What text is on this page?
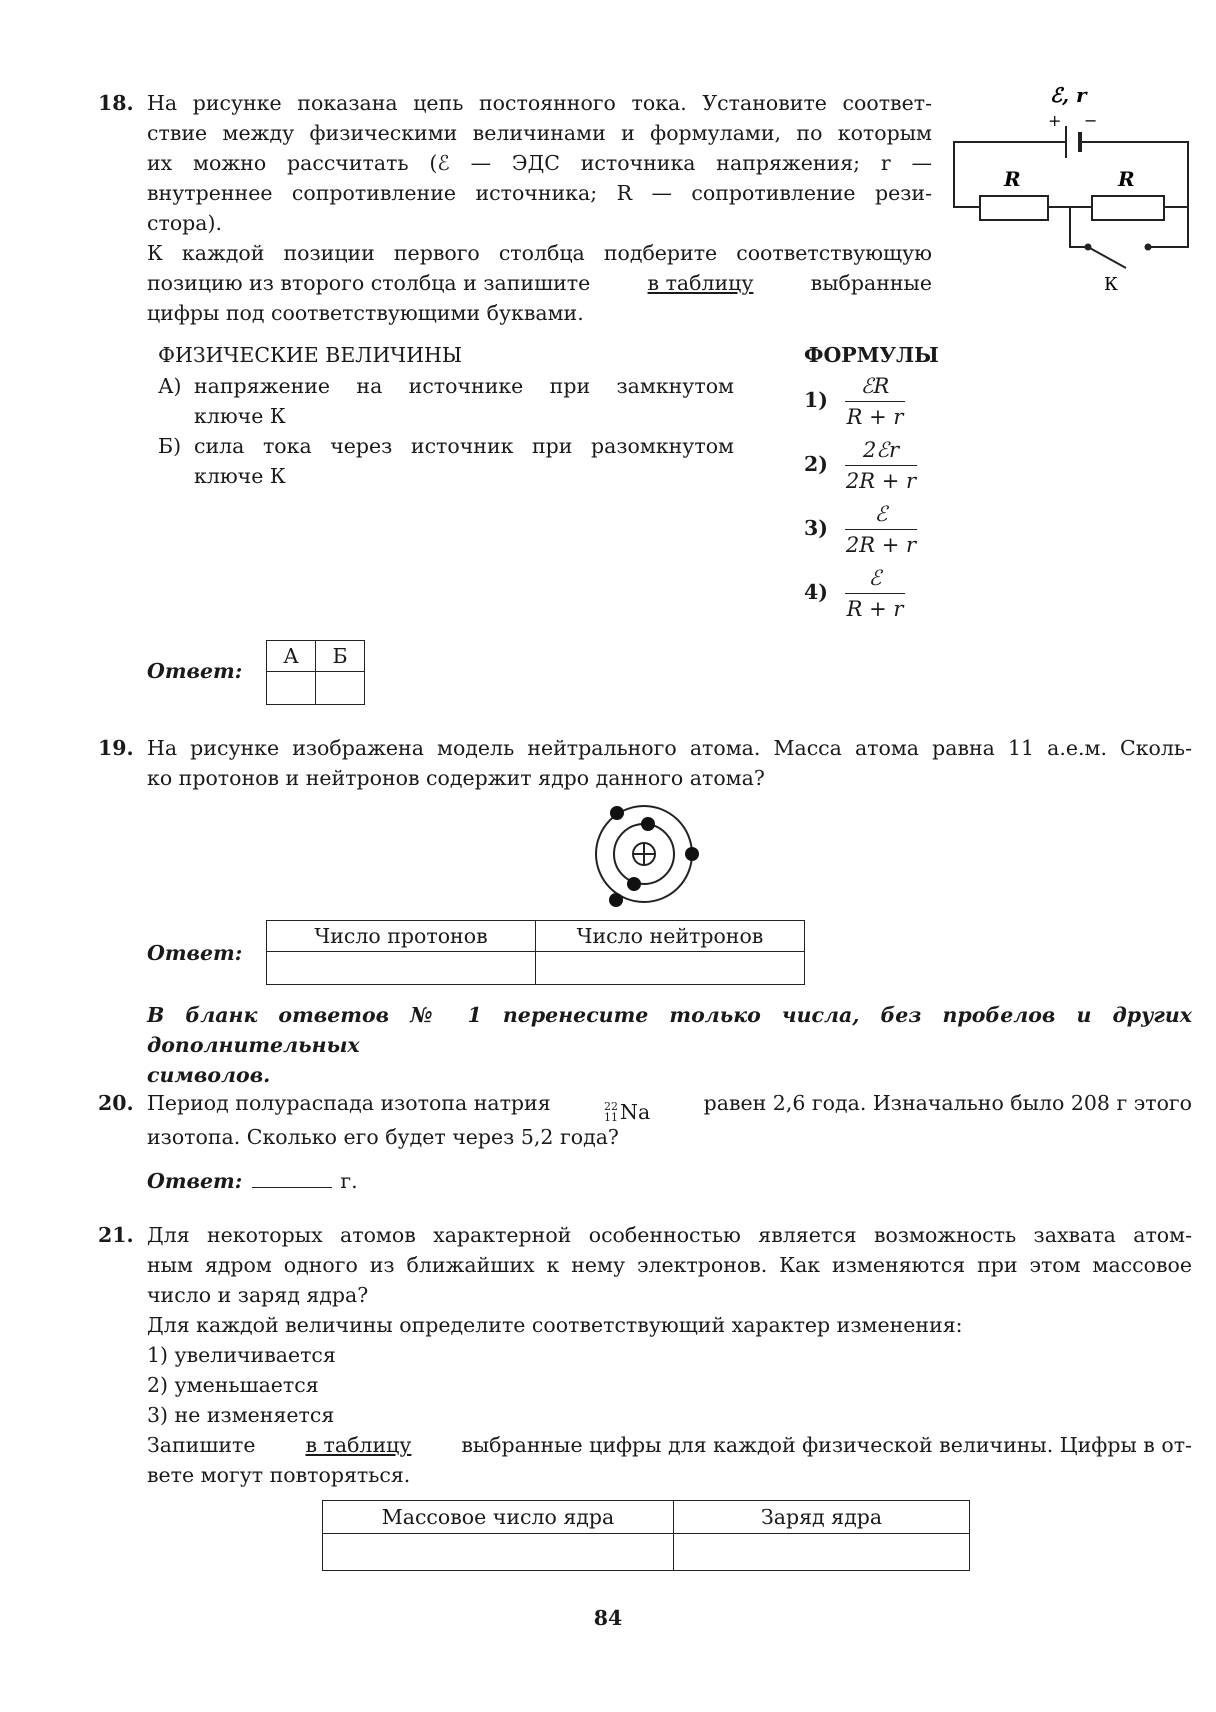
18. На рисунке показана цепь постоянного тока. Установите соответ-
ствие между физическими величинами и формулами, по которым
их можно рассчитать (ℰ — ЭДС источника напряжения; r —
внутреннее сопротивление источника; R — сопротивление рези-
стора).
К каждой позиции первого столбца подберите соответствующую
позицию из второго столбца и запишите	в таблицу	выбранные
цифры под соответствующими буквами.
ℰ, r
+ −
R	R
К
ФИЗИЧЕСКИЕ ВЕЛИЧИНЫ	ФОРМУЛЫ
А) напряжение на источнике при замкнутом
ключе К
Б) сила тока через источник при разомкнутом
ключе К
1)
ℰR
R + r
2)
2ℰr
2R + r
3)
ℰ
2R + r
4)
ℰ
R + r
Ответ:
А	Б

19. На рисунке изображена модель нейтрального атома. Масса атома равна 11 а.е.м. Сколь-
ко протонов и нейтронов содержит ядро данного атома?
Ответ:
Число протонов	Число нейтронов

В бланк ответов № 1 перенесите только числа, без пробелов и других дополнительных
символов.
20. Период полураспада изотопа натрия	22
11 Na	равен 2,6 года. Изначально было 208 г этого
изотопа. Сколько его будет через 5,2 года?
Ответ:	г.
21. Для некоторых атомов характерной особенностью является возможность захвата атом-
ным ядром одного из ближайших к нему электронов. Как изменяются при этом массовое
число и заряд ядра?
Для каждой величины определите соответствующий характер изменения:
1) увеличивается
2) уменьшается
3) не изменяется
Запишите в таблицу выбранные цифры для каждой физической величины. Цифры в от-
вете могут повторяться.
Массовое число ядра	Заряд ядра

84
